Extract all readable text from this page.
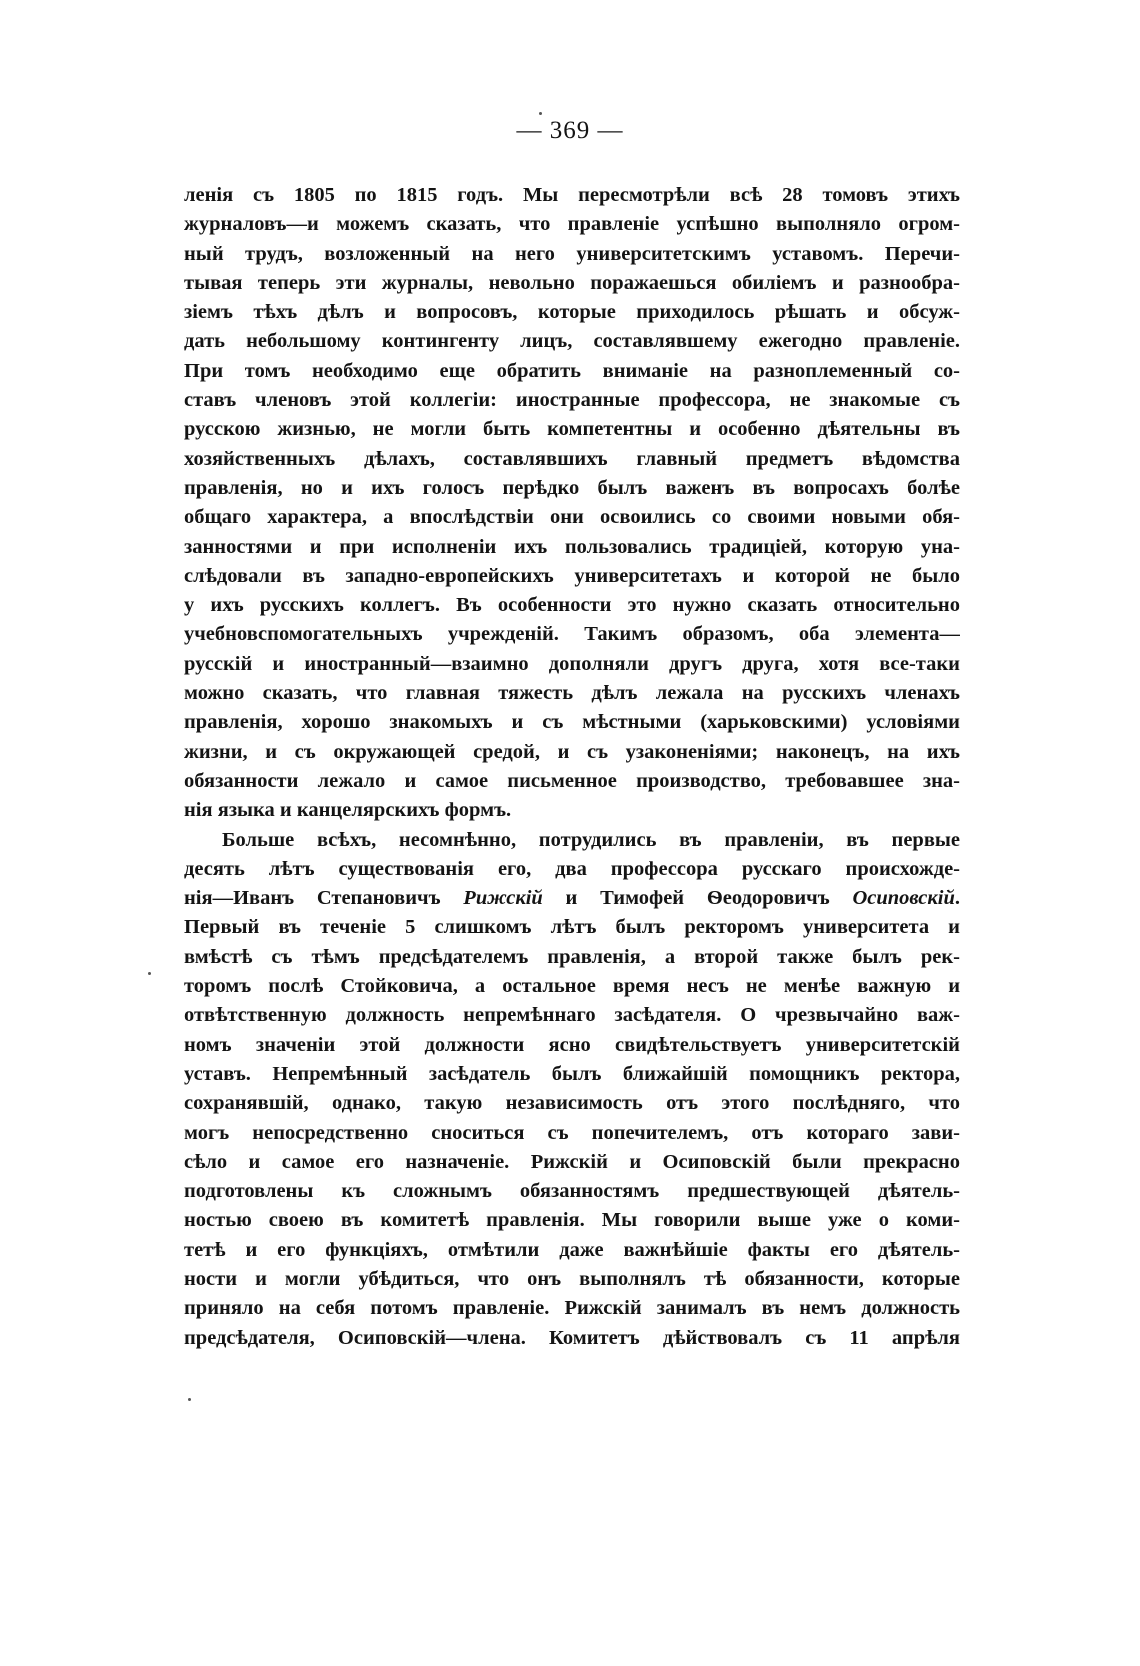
— 369 —
ленія съ 1805 по 1815 годъ. Мы пересмотрѣли всѣ 28 томовъ этихъ
журналовъ—и можемъ сказать, что правленіе успѣшно выполняло огром-
ный трудъ, возложенный на него университетскимъ уставомъ. Перечи-
тывая теперь эти журналы, невольно поражаешься обиліемъ и разнообра-
зіемъ тѣхъ дѣлъ и вопросовъ, которые приходилось рѣшать и обсуж-
дать небольшому контингенту лицъ, составлявшему ежегодно правленіе.
При томъ необходимо еще обратить вниманіе на разноплеменный со-
ставъ членовъ этой коллегіи: иностранные профессора, не знакомые съ
русскою жизнью, не могли быть компетентны и особенно дѣятельны въ
хозяйственныхъ дѣлахъ, составлявшихъ главный предметъ вѣдомства
правленія, но и ихъ голосъ перѣдко былъ важенъ въ вопросахъ болѣе
общаго характера, а впослѣдствіи они освоились со своими новыми обя-
занностями и при исполненіи ихъ пользовались традиціей, которую уна-
слѣдовали въ западно-европейскихъ университетахъ и которой не было
у ихъ русскихъ коллегъ. Въ особенности это нужно сказать относительно
учебновспомогательныхъ учрежденій. Такимъ образомъ, оба элемента—
русскій и иностранный—взаимно дополняли другъ друга, хотя все-таки
можно сказать, что главная тяжесть дѣлъ лежала на русскихъ членахъ
правленія, хорошо знакомыхъ и съ мѣстными (харьковскими) условіями
жизни, и съ окружающей средой, и съ узаконеніями; наконецъ, на ихъ
обязанности лежало и самое письменное производство, требовавшее зна-
нія языка и канцелярскихъ формъ.
Больше всѣхъ, несомнѣнно, потрудились въ правленіи, въ первые
десять лѣтъ существованія его, два профессора русскаго происхожде-
нія—Иванъ Степановичъ Рижскій и Тимофей Ѳеодоровичъ Осиповскій.
Первый въ теченіе 5 слишкомъ лѣтъ былъ ректоромъ университета и
вмѣстѣ съ тѣмъ предсѣдателемъ правленія, а второй также былъ рек-
торомъ послѣ Стойковича, а остальное время несъ не менѣе важную и
отвѣтственную должность непремѣннаго засѣдателя. О чрезвычайно важ-
номъ значеніи этой должности ясно свидѣтельствуетъ университетскій
уставъ. Непремѣнный засѣдатель былъ ближайшій помощникъ ректора,
сохранявшій, однако, такую независимость отъ этого послѣдняго, что
могъ непосредственно сноситься съ попечителемъ, отъ котораго зави-
сѣло и самое его назначеніе. Рижскій и Осиповскій были прекрасно
подготовлены къ сложнымъ обязанностямъ предшествующей дѣятель-
ностью своею въ комитетѣ правленія. Мы говорили выше уже о коми-
тетѣ и его функціяхъ, отмѣтили даже важнѣйшіе факты его дѣятель-
ности и могли убѣдиться, что онъ выполнялъ тѣ обязанности, которые
приняло на себя потомъ правленіе. Рижскій занималъ въ немъ должность
предсѣдателя, Осиповскій—члена. Комитетъ дѣйствовалъ съ 11 апрѣля
